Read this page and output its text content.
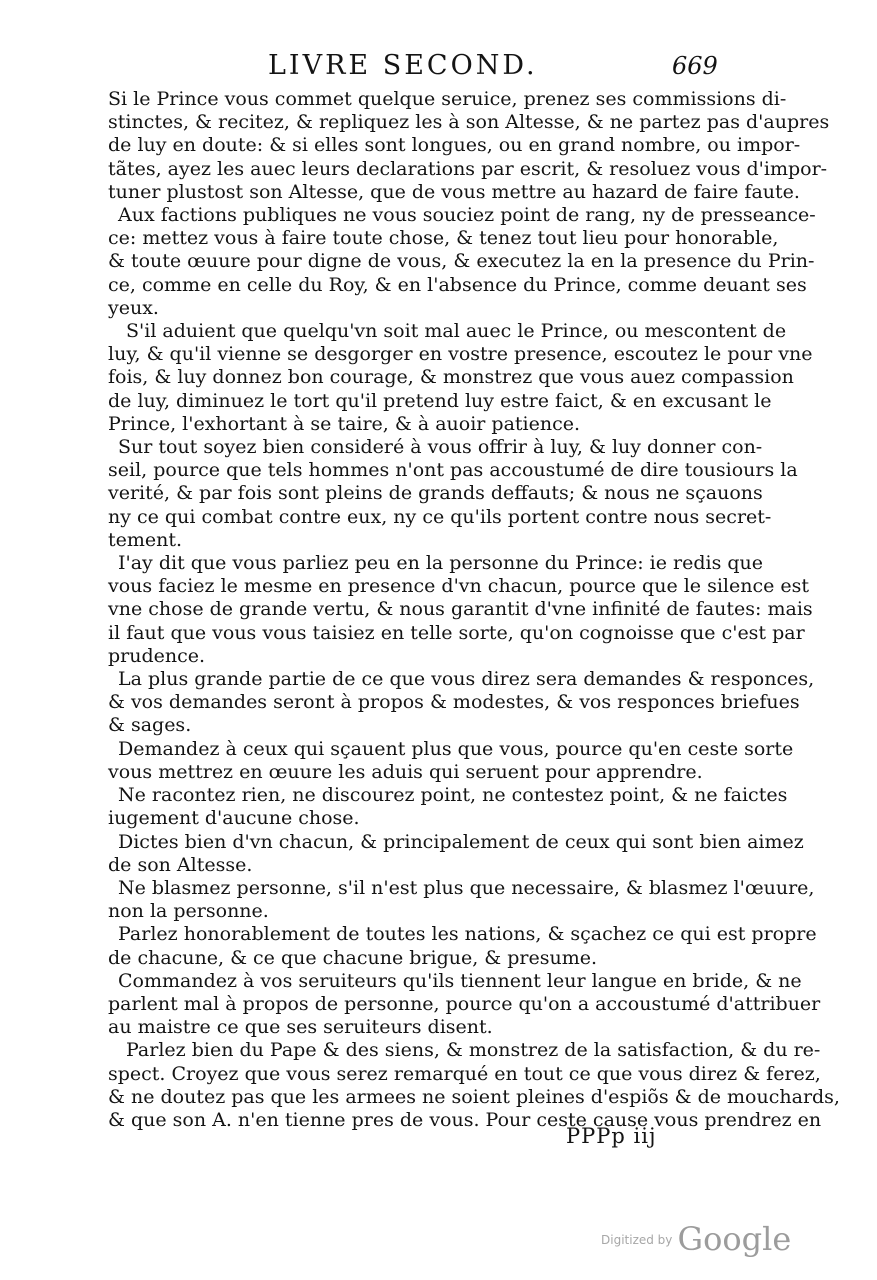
LIVRE SECOND.	669
Si le Prince vous commet quelque seruice, prenez ses commissions di-
stinctes, & recitez, & repliquez les à son Altesse, & ne partez pas d'aupres
de luy en doute: & si elles sont longues, ou en grand nombre, ou impor-
tãtes, ayez les auec leurs declarations par escrit, & resoluez vous d'impor-
tuner plustost son Altesse, que de vous mettre au hazard de faire faute.
Aux factions publiques ne vous souciez point de rang, ny de presseance-
ce: mettez vous à faire toute chose, & tenez tout lieu pour honorable,
& toute œuure pour digne de vous, & executez la en la presence du Prin-
ce, comme en celle du Roy, & en l'absence du Prince, comme deuant ses
yeux.
S'il aduient que quelqu'vn soit mal auec le Prince, ou mescontent de
luy, & qu'il vienne se desgorger en vostre presence, escoutez le pour vne
fois, & luy donnez bon courage, & monstrez que vous auez compassion
de luy, diminuez le tort qu'il pretend luy estre faict, & en excusant le
Prince, l'exhortant à se taire, & à auoir patience.
Sur tout soyez bien consideré à vous offrir à luy, & luy donner con-
seil, pource que tels hommes n'ont pas accoustumé de dire tousiours la
verité, & par fois sont pleins de grands deffauts; & nous ne sçauons
ny ce qui combat contre eux, ny ce qu'ils portent contre nous secret-
tement.
I'ay dit que vous parliez peu en la personne du Prince: ie redis que
vous faciez le mesme en presence d'vn chacun, pource que le silence est
vne chose de grande vertu, & nous garantit d'vne infinité de fautes: mais
il faut que vous vous taisiez en telle sorte, qu'on cognoisse que c'est par
prudence.
La plus grande partie de ce que vous direz sera demandes & responces,
& vos demandes seront à propos & modestes, & vos responces briefues
& sages.
Demandez à ceux qui sçauent plus que vous, pource qu'en ceste sorte
vous mettrez en œuure les aduis qui seruent pour apprendre.
Ne racontez rien, ne discourez point, ne contestez point, & ne faictes
iugement d'aucune chose.
Dictes bien d'vn chacun, & principalement de ceux qui sont bien aimez
de son Altesse.
Ne blasmez personne, s'il n'est plus que necessaire, & blasmez l'œuure,
non la personne.
Parlez honorablement de toutes les nations, & sçachez ce qui est propre
de chacune, & ce que chacune brigue, & presume.
Commandez à vos seruiteurs qu'ils tiennent leur langue en bride, & ne
parlent mal à propos de personne, pource qu'on a accoustumé d'attribuer
au maistre ce que ses seruiteurs disent.
Parlez bien du Pape & des siens, & monstrez de la satisfaction, & du re-
spect. Croyez que vous serez remarqué en tout ce que vous direz & ferez,
& ne doutez pas que les armees ne soient pleines d'espiõs & de mouchards,
& que son A. n'en tienne pres de vous. Pour ceste cause vous prendrez en
PPPp iij
$^{Digitized by}$ Google
